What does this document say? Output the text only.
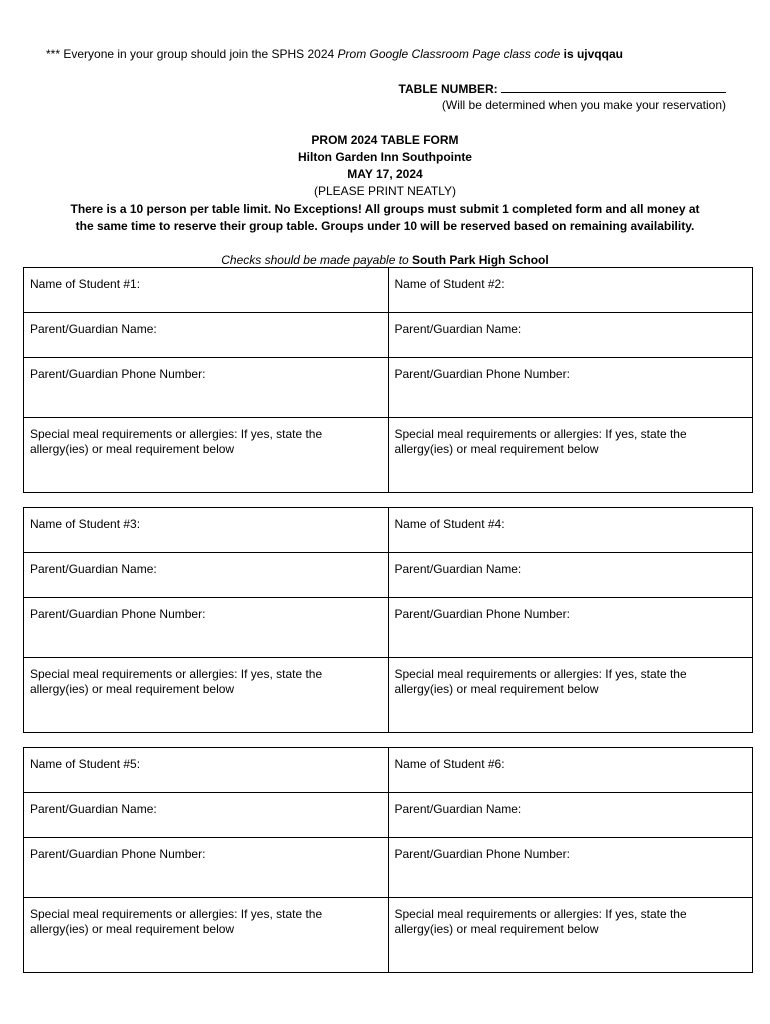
*** Everyone in your group should join the SPHS 2024 Prom Google Classroom Page class code is ujvqqau
TABLE NUMBER:
(Will be determined when you make your reservation)
PROM 2024 TABLE FORM
Hilton Garden Inn Southpointe
MAY 17, 2024
(PLEASE PRINT NEATLY)
There is a 10 person per table limit. No Exceptions! All groups must submit 1 completed form and all money at
the same time to reserve their group table. Groups under 10 will be reserved based on remaining availability.
Checks should be made payable to South Park High School
Name of Student #1:	Name of Student #2:
Parent/Guardian Name:	Parent/Guardian Name:
Parent/Guardian Phone Number:	Parent/Guardian Phone Number:
Special meal requirements or allergies: If yes, state the
allergy(ies) or meal requirement below	Special meal requirements or allergies: If yes, state the
allergy(ies) or meal requirement below
Name of Student #3:	Name of Student #4:
Parent/Guardian Name:	Parent/Guardian Name:
Parent/Guardian Phone Number:	Parent/Guardian Phone Number:
Special meal requirements or allergies: If yes, state the
allergy(ies) or meal requirement below	Special meal requirements or allergies: If yes, state the
allergy(ies) or meal requirement below
Name of Student #5:	Name of Student #6:
Parent/Guardian Name:	Parent/Guardian Name:
Parent/Guardian Phone Number:	Parent/Guardian Phone Number:
Special meal requirements or allergies: If yes, state the
allergy(ies) or meal requirement below	Special meal requirements or allergies: If yes, state the
allergy(ies) or meal requirement below
